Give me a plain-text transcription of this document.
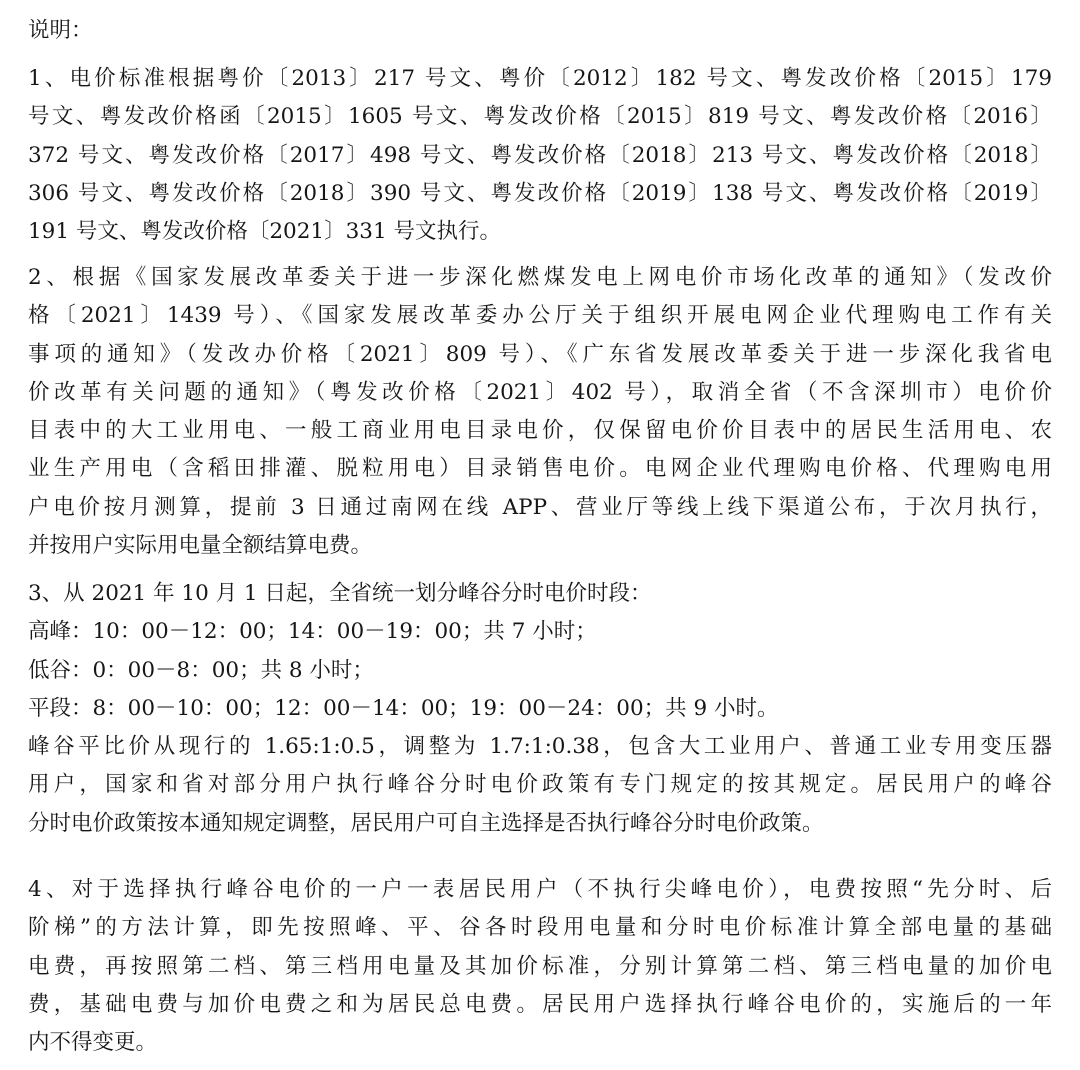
说明：
1、电价标准根据粤价〔2013〕217 号文、粤价〔2012〕182 号文、粤发改价格〔2015〕179
号文、粤发改价格函〔2015〕1605 号文、粤发改价格〔2015〕819 号文、粤发改价格〔2016〕
372 号文、粤发改价格〔2017〕498 号文、粤发改价格〔2018〕213 号文、粤发改价格〔2018〕
306 号文、粤发改价格〔2018〕390 号文、粤发改价格〔2019〕138 号文、粤发改价格〔2019〕
191 号文、粤发改价格〔2021〕331 号文执行。
2、根据《国家发展改革委关于进一步深化燃煤发电上网电价市场化改革的通知》（发改价
格〔2021〕1439 号）、《国家发展改革委办公厅关于组织开展电网企业代理购电工作有关
事项的通知》（发改办价格〔2021〕809 号）、《广东省发展改革委关于进一步深化我省电
价改革有关问题的通知》（粤发改价格〔2021〕402 号），取消全省（不含深圳市）电价价
目表中的大工业用电、一般工商业用电目录电价，仅保留电价价目表中的居民生活用电、农
业生产用电（含稻田排灌、脱粒用电）目录销售电价。电网企业代理购电价格、代理购电用
户电价按月测算，提前 3 日通过南网在线 APP、营业厅等线上线下渠道公布，于次月执行，
并按用户实际用电量全额结算电费。
3、从 2021 年 10 月 1 日起，全省统一划分峰谷分时电价时段：
高峰：10：00－12：00；14：00－19：00；共 7 小时；
低谷：0：00－8：00；共 8 小时；
平段：8：00－10：00；12：00－14：00；19：00－24：00；共 9 小时。
峰谷平比价从现行的 1.65:1:0.5，调整为 1.7:1:0.38，包含大工业用户、普通工业专用变压器
用户，国家和省对部分用户执行峰谷分时电价政策有专门规定的按其规定。居民用户的峰谷
分时电价政策按本通知规定调整，居民用户可自主选择是否执行峰谷分时电价政策。
4、对于选择执行峰谷电价的一户一表居民用户（不执行尖峰电价），电费按照“先分时、后
阶梯”的方法计算，即先按照峰、平、谷各时段用电量和分时电价标准计算全部电量的基础
电费，再按照第二档、第三档用电量及其加价标准，分别计算第二档、第三档电量的加价电
费，基础电费与加价电费之和为居民总电费。居民用户选择执行峰谷电价的，实施后的一年
内不得变更。
